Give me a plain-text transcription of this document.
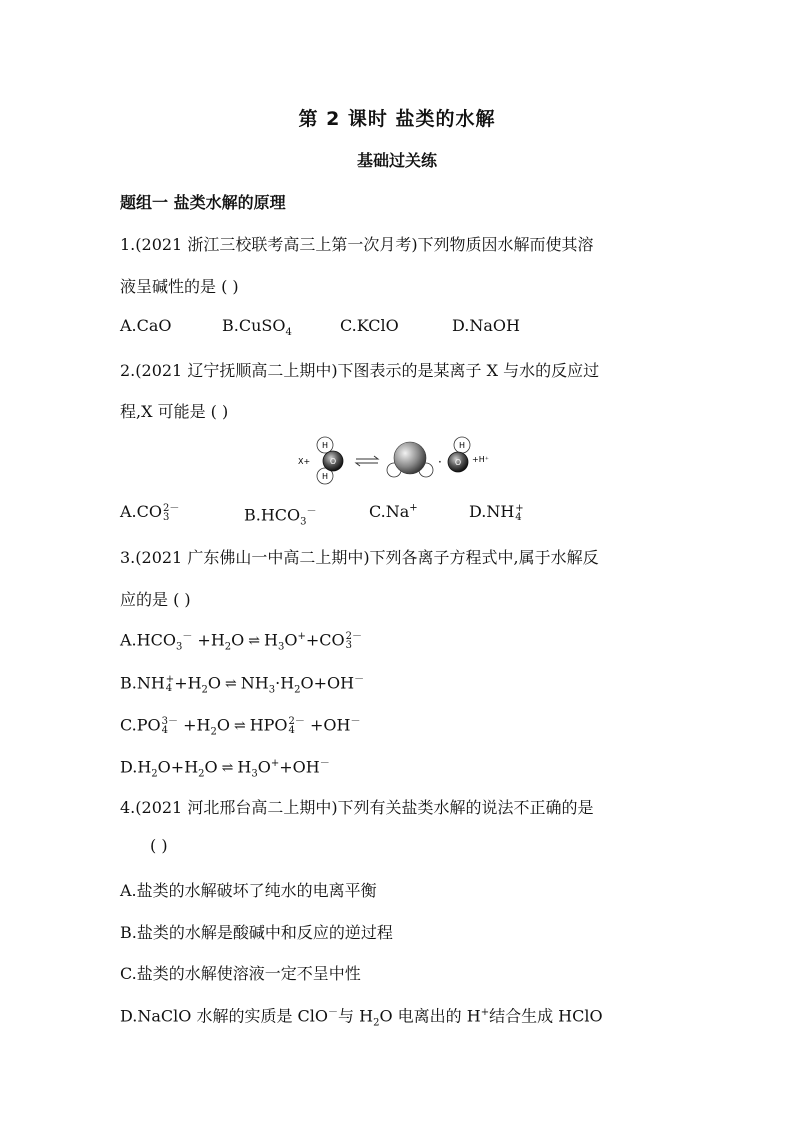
第 2 课时 盐类的水解
基础过关练
题组一 盐类水解的原理
1.(2021 浙江三校联考高三上第一次月考)下列物质因水解而使其溶
液呈碱性的是 ( )
A.CaO	B.CuSO$_4$	C.KClO	D.NaOH
2.(2021 辽宁抚顺高二上期中)下图表示的是某离子 X 与水的反应过
程,X 可能是 ( )
X+
H
H
O	·
H
O +H⁺
A.CO2－
3	$B.HCO_3^-$	C.Na+	D.NH+
4
3.(2021 广东佛山一中高二上期中)下列各离子方程式中,属于水解反
应的是 ( )
$A.HCO_3^- +H_2O$ ⇌ $H_3O^++CO2-$
3
B.NH+
$4 +H_2O$ ⇌ $NH_3\cdot H_2O+OH^-$
C.PO3－
$4 +H_2O$ ⇌ HPO2－
4 +OH－
$D.H_2O+H_2O$ ⇌ $H_3O^++OH^-$
4.(2021 河北邢台高二上期中)下列有关盐类水解的说法不正确的是
( )
A.盐类的水解破坏了纯水的电离平衡
B.盐类的水解是酸碱中和反应的逆过程
C.盐类的水解使溶液一定不呈中性
D.NaClO 水解的实质是 ClO－与 $H_2O$ 电离出的 H+结合生成 HClO
